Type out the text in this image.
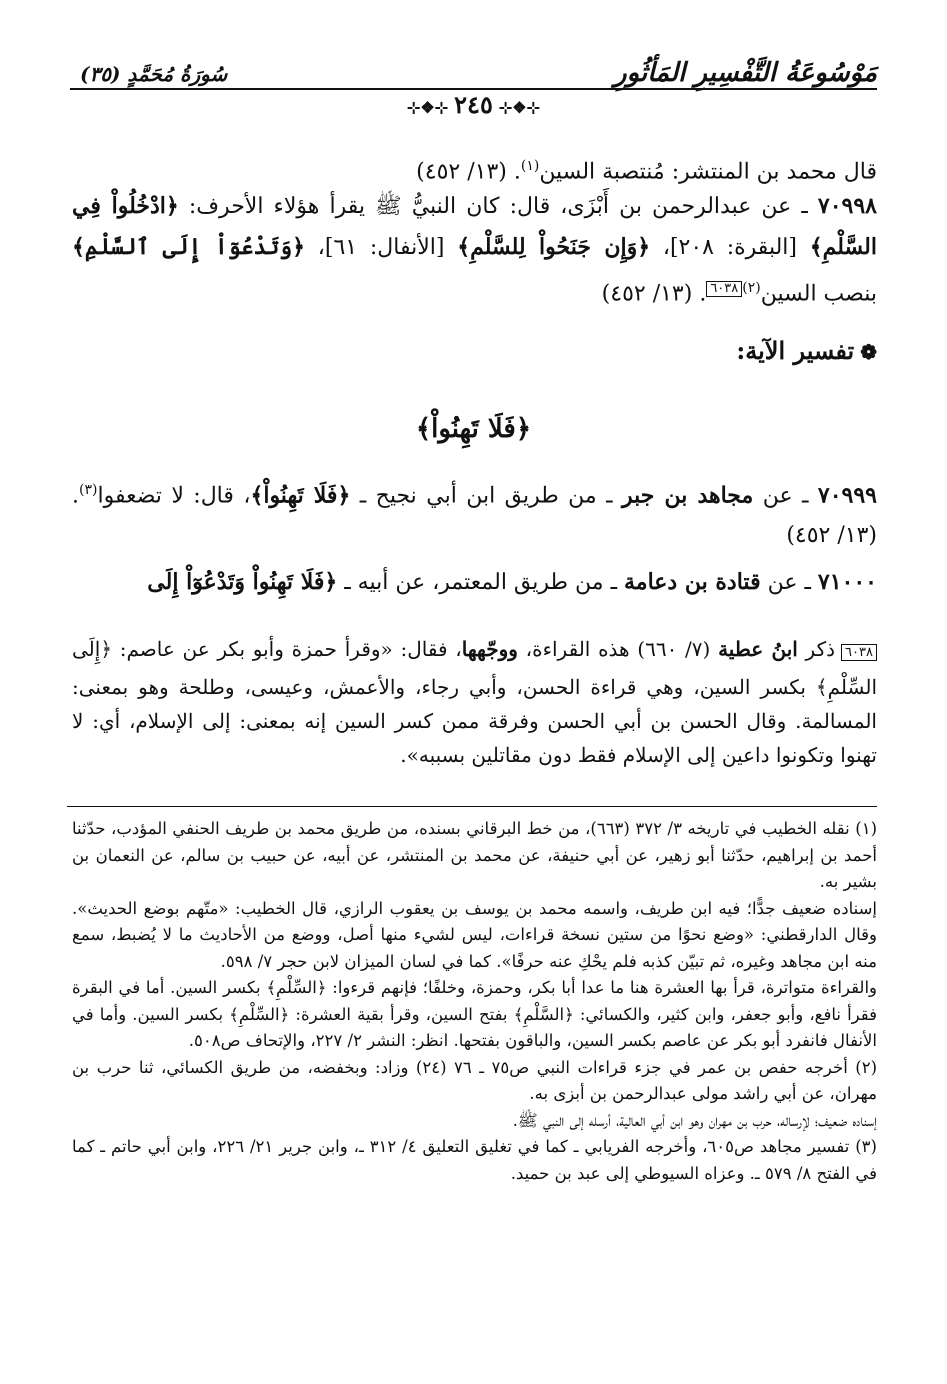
مَوْسُوعَةُ التَّفْسِيرِ المَأثُورِ
سُورَةُ مُحَمَّدٍ (٣٥)
⊹❖⊹٢٤٥⊹❖⊹
قال محمد بن المنتشر: مُنتصبة السين$^{(١)}$. (١٣/ ٤٥٢)
٧٠٩٩٨ ـ عن عبدالرحمن بن أَبْزَى، قال: كان النبيُّ ﷺ يقرأ هؤلاء الأحرف: ﴿ادْخُلُواْ فِي السَّلْمِ﴾ [البقرة: ٢٠٨]، ﴿وَإِن جَنَحُواْ لِلسَّلْمِ﴾ [الأنفال: ٦١]، ﴿وَتَدْعُوٓاْ إِلَى ٱلسَّلْمِ﴾ بنصب السين$^{(٢)}$٦٠٣٨. (١٣/ ٤٥٢)
❁تفسير الآية:
﴿فَلَا تَهِنُواْ﴾
٧٠٩٩٩ ـ عن مجاهد بن جبر ـ من طريق ابن أبي نجيح ـ ﴿فَلَا تَهِنُواْ﴾، قال: لا تضعفوا$^{(٣)}$. (١٣/ ٤٥٢)
٧١٠٠٠ ـ عن قتادة بن دعامة ـ من طريق المعتمر، عن أبيه ـ ﴿فَلَا تَهِنُواْ وَتَدْعُوٓاْ إِلَى
٦٠٣٨ذكر ابنُ عطية (٧/ ٦٦٠) هذه القراءة، ووجّهها، فقال: «وقرأ حمزة وأبو بكر عن عاصم: ﴿إِلَى السِّلْمِ﴾ بكسر السين، وهي قراءة الحسن، وأبي رجاء، والأعمش، وعيسى، وطلحة وهو بمعنى: المسالمة. وقال الحسن بن أبي الحسن وفرقة ممن كسر السين إنه بمعنى: إلى الإسلام، أي: لا تهنوا وتكونوا داعين إلى الإسلام فقط دون مقاتلين بسببه».

(١) نقله الخطيب في تاريخه ٣/ ٣٧٢ (٦٦٣)، من خط البرقاني بسنده، من طريق محمد بن طريف الحنفي المؤدب، حدّثنا أحمد بن إبراهيم، حدّثنا أبو زهير، عن أبي حنيفة، عن محمد بن المنتشر، عن أبيه، عن حبيب بن سالم، عن النعمان بن بشير به.

إسناده ضعيف جدًّا؛ فيه ابن طريف، واسمه محمد بن يوسف بن يعقوب الرازي، قال الخطيب: «متّهم بوضع الحديث». وقال الدارقطني: «وضع نحوًا من ستين نسخة قراءات، ليس لشيء منها أصل، ووضع من الأحاديث ما لا يُضبط، سمع منه ابن مجاهد وغيره، ثم تبيّن كذبه فلم يحْكِ عنه حرفًا». كما في لسان الميزان لابن حجر ٧/ ٥٩٨.

والقراءة متواترة، قرأ بها العشرة هنا ما عدا أبا بكر، وحمزة، وخلفًا؛ فإنهم قرءوا: ﴿السِّلْمِ﴾ بكسر السين. أما في البقرة فقرأ نافع، وأبو جعفر، وابن كثير، والكسائي: ﴿السَّلْمِ﴾ بفتح السين، وقرأ بقية العشرة: ﴿السِّلْمِ﴾ بكسر السين. وأما في الأنفال فانفرد أبو بكر عن عاصم بكسر السين، والباقون بفتحها. انظر: النشر ٢/ ٢٢٧، والإتحاف ص٥٠٨.

(٢) أخرجه حفص بن عمر في جزء قراءات النبي ص٧٥ ـ ٧٦ (٢٤) وزاد: وبخفضه، من طريق الكسائي، ثنا حرب بن مهران، عن أبي راشد مولى عبدالرحمن بن أبزى به.

إسناده ضعيف؛ لإرساله، حرب بن مهران وهو ابن أبي العالية، أرسله إلى النبي ﷺ.

(٣) تفسير مجاهد ص٦٠٥، وأخرجه الفريابي ـ كما في تغليق التعليق ٤/ ٣١٢ ـ، وابن جرير ٢١/ ٢٢٦، وابن أبي حاتم ـ كما في الفتح ٨/ ٥٧٩ ـ. وعزاه السيوطي إلى عبد بن حميد.
